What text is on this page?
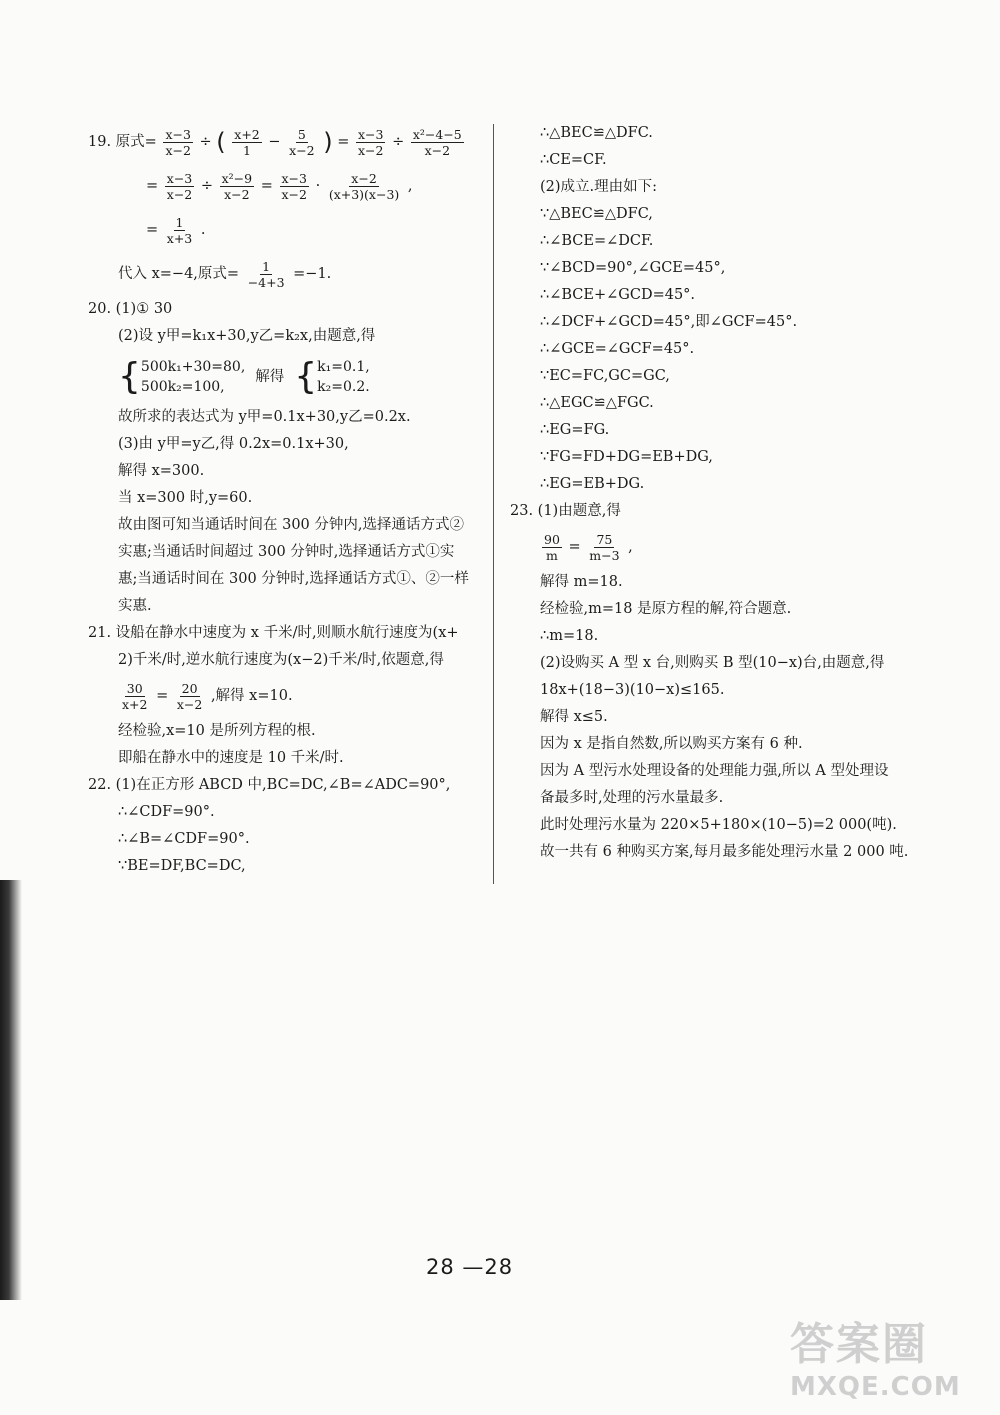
19. 原式= $\frac{x-3}{x-2}$ ÷ ( $\frac{x+2}{1} - \frac{5}{x-2}$ ) = $\frac{x-3}{x-2} \div \frac{\text{x²−4−5}}{x-2}$
= $\frac{x-3}{x-2} \div \frac{\text{x²−9}}{x-2} = \frac{x-3}{x-2} \cdot \frac{x-2}{(x+3)(x-3)}$ ,
= $\frac{1}{x+3}$ .
代入 x=−4,原式= $\frac{1}{-4+3} =-1$.
20. (1)① 30
(2)设 y甲=k₁x+30,y乙=k₂x,由题意,得
{ 500k₁+30=80,
500k₂=100,
解得 { k₁=0.1,
k₂=0.2.
故所求的表达式为 y甲=0.1x+30,y乙=0.2x.
(3)由 y甲=y乙,得 0.2x=0.1x+30,
解得 x=300.
当 x=300 时,y=60.
故由图可知当通话时间在 300 分钟内,选择通话方式②
实惠;当通话时间超过 300 分钟时,选择通话方式①实
惠;当通话时间在 300 分钟时,选择通话方式①、②一样
实惠.
21. 设船在静水中速度为 x 千米/时,则顺水航行速度为(x+
2)千米/时,逆水航行速度为(x−2)千米/时,依题意,得
$\frac{30}{x+2} = \frac{20}{x-2}$ ,解得 x=10.
经检验,x=10 是所列方程的根.
即船在静水中的速度是 10 千米/时.
22. (1)在正方形 ABCD 中,BC=DC,∠B=∠ADC=90°,
∴∠CDF=90°.
∴∠B=∠CDF=90°.
∵BE=DF,BC=DC,
∴△BEC≌△DFC.
∴CE=CF.
(2)成立.理由如下:
∵△BEC≌△DFC,
∴∠BCE=∠DCF.
∵∠BCD=90°,∠GCE=45°,
∴∠BCE+∠GCD=45°.
∴∠DCF+∠GCD=45°,即∠GCF=45°.
∴∠GCE=∠GCF=45°.
∵EC=FC,GC=GC,
∴△EGC≌△FGC.
∴EG=FG.
∵FG=FD+DG=EB+DG,
∴EG=EB+DG.
23. (1)由题意,得
$\frac{90}{m} = \frac{75}{m-3}$ ,
解得 m=18.
经检验,m=18 是原方程的解,符合题意.
∴m=18.
(2)设购买 A 型 x 台,则购买 B 型(10−x)台,由题意,得
18x+(18−3)(10−x)≤165.
解得 x≤5.
因为 x 是指自然数,所以购买方案有 6 种.
因为 A 型污水处理设备的处理能力强,所以 A 型处理设
备最多时,处理的污水量最多.
此时处理污水量为 220×5+180×(10−5)=2 000(吨).
故一共有 6 种购买方案,每月最多能处理污水量 2 000 吨.
28 —28
答案圈
MXQE.COM
